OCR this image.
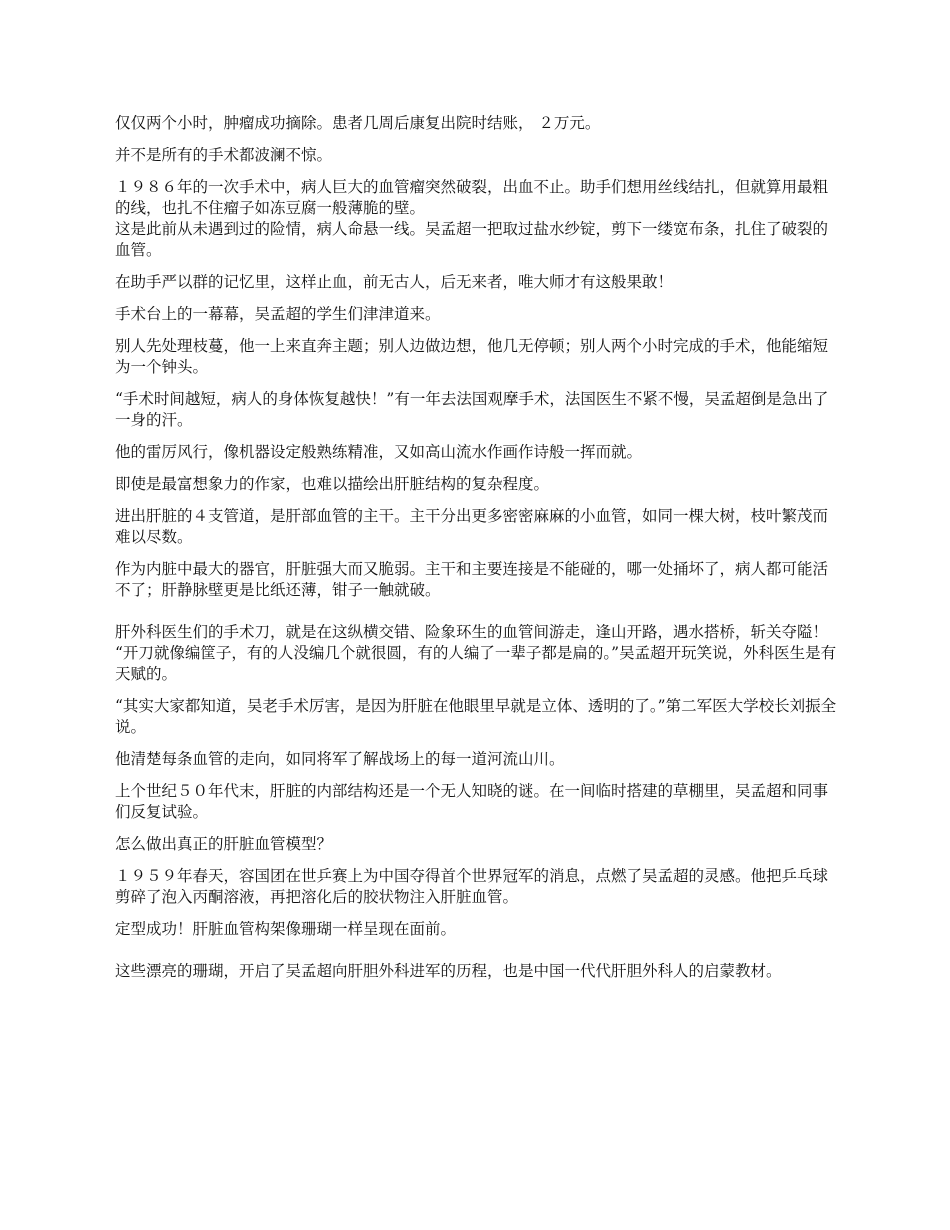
仅仅两个小时，肿瘤成功摘除。患者几周后康复出院时结账， ２万元。

并不是所有的手术都波澜不惊。

１９８６年的一次手术中，病人巨大的血管瘤突然破裂，出血不止。助手们想用丝线结扎，但就算用最粗的线，也扎不住瘤子如冻豆腐一般薄脆的壁。

这是此前从未遇到过的险情，病人命悬一线。吴孟超一把取过盐水纱锭，剪下一缕宽布条，扎住了破裂的血管。

在助手严以群的记忆里，这样止血，前无古人，后无来者，唯大师才有这般果敢！

手术台上的一幕幕，吴孟超的学生们津津道来。

别人先处理枝蔓，他一上来直奔主题；别人边做边想，他几无停顿；别人两个小时完成的手术，他能缩短为一个钟头。

“手术时间越短，病人的身体恢复越快！”有一年去法国观摩手术，法国医生不紧不慢，吴孟超倒是急出了一身的汗。

他的雷厉风行，像机器设定般熟练精准，又如高山流水作画作诗般一挥而就。

即使是最富想象力的作家，也难以描绘出肝脏结构的复杂程度。

进出肝脏的４支管道，是肝部血管的主干。主干分出更多密密麻麻的小血管，如同一棵大树，枝叶繁茂而难以尽数。

作为内脏中最大的器官，肝脏强大而又脆弱。主干和主要连接是不能碰的，哪一处捅坏了，病人都可能活不了；肝静脉壁更是比纸还薄，钳子一触就破。

肝外科医生们的手术刀，就是在这纵横交错、险象环生的血管间游走，逢山开路，遇水搭桥，斩关夺隘！

“开刀就像编筐子，有的人没编几个就很圆，有的人编了一辈子都是扁的。”吴孟超开玩笑说，外科医生是有天赋的。

“其实大家都知道，吴老手术厉害，是因为肝脏在他眼里早就是立体、透明的了。”第二军医大学校长刘振全说。

他清楚每条血管的走向，如同将军了解战场上的每一道河流山川。

上个世纪５０年代末，肝脏的内部结构还是一个无人知晓的谜。在一间临时搭建的草棚里，吴孟超和同事们反复试验。

怎么做出真正的肝脏血管模型？

１９５９年春天，容国团在世乒赛上为中国夺得首个世界冠军的消息，点燃了吴孟超的灵感。他把乒乓球剪碎了泡入丙酮溶液，再把溶化后的胶状物注入肝脏血管。

定型成功！肝脏血管构架像珊瑚一样呈现在面前。

这些漂亮的珊瑚，开启了吴孟超向肝胆外科进军的历程，也是中国一代代肝胆外科人的启蒙教材。
